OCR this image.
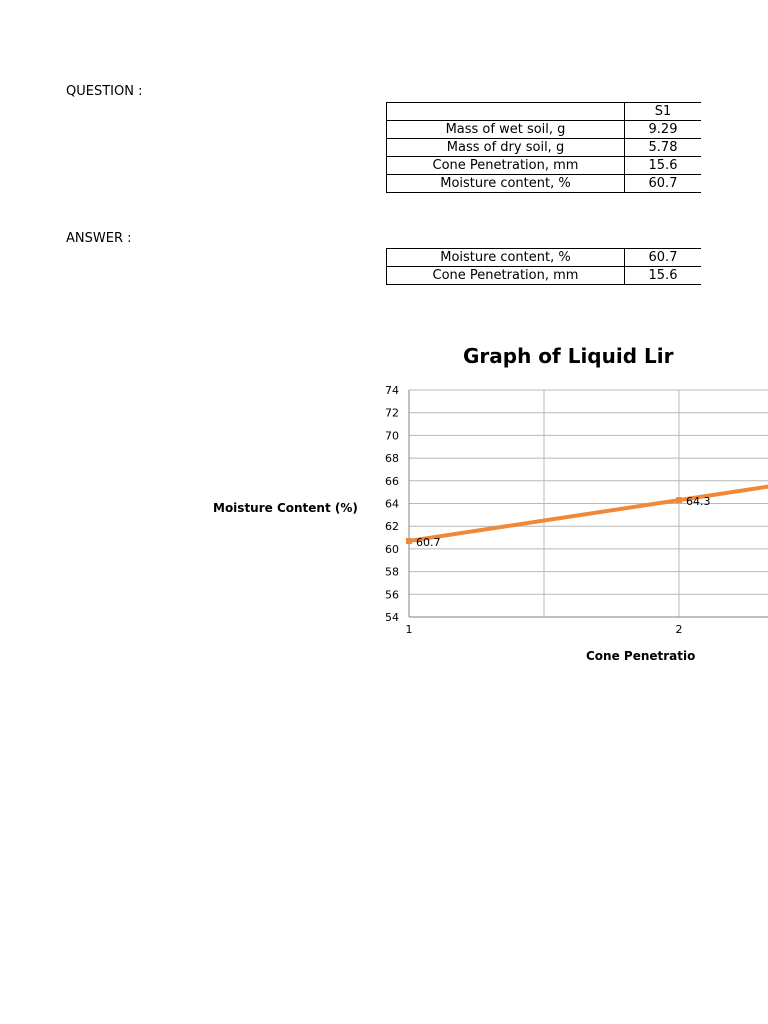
QUESTION :
	S1
Mass of wet soil, g	9.29
Mass of dry soil, g	5.78
Cone Penetration, mm	15.6
Moisture content, %	60.7
ANSWER :
Moisture content, %	60.7
Cone Penetration, mm	15.6
Graph of Liquid Lir
54
56
58
60
62
64
66
68
70
72
74
1	2
60.7
64.3
Moisture Content (%)
Cone Penetratio
